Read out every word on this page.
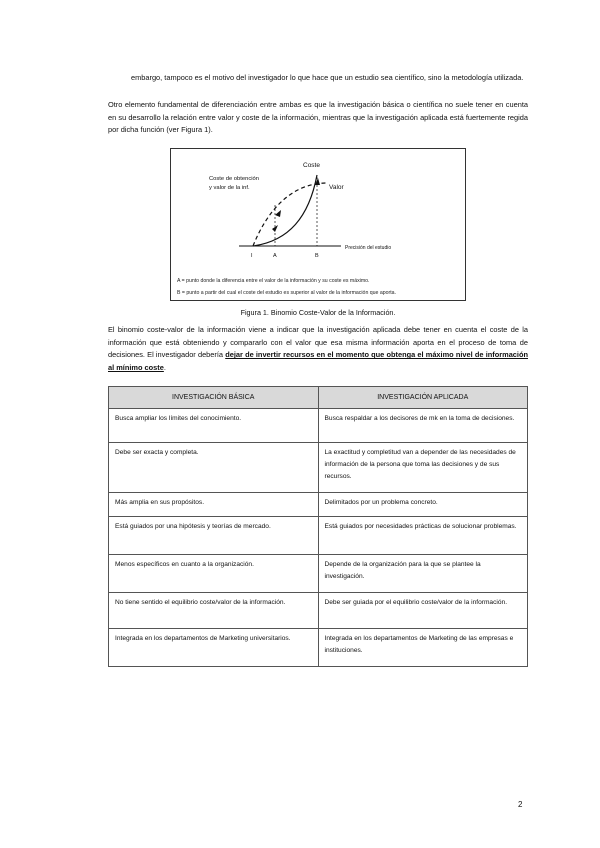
embargo, tampoco es el motivo del investigador lo que hace que un estudio sea científico, sino la metodología utilizada.

Otro elemento fundamental de diferenciación entre ambas es que la investigación básica o científica no suele tener en cuenta en su desarrollo la relación entre valor y coste de la información, mientras que la investigación aplicada está fuertemente regida por dicha función (ver Figura 1).

Coste
Coste de obtención
y valor de la inf.	Valor
Precisión del estudio
I	A	B
A = punto donde la diferencia entre el valor de la información y su coste es máximo.
B = punto a partir del cual el coste del estudio es superior al valor de la información que aporta.
Figura 1. Binomio Coste-Valor de la Información.

El binomio coste-valor de la información viene a indicar que la investigación aplicada debe tener en cuenta el coste de la información que está obteniendo y compararlo con el valor que esa misma información aporta en el proceso de toma de decisiones. El investigador debería dejar de invertir recursos en el momento que obtenga el máximo nivel de información al mínimo coste.

INVESTIGACIÓN BÁSICA	INVESTIGACIÓN APLICADA
Busca ampliar los límites del conocimiento.	Busca respaldar a los decisores de mk en la toma de decisiones.
Debe ser exacta y completa.	La exactitud y completitud van a depender de las necesidades de información de la persona que toma las decisiones y de sus recursos.
Más amplia en sus propósitos.	Delimitados por un problema concreto.
Está guiados por una hipótesis y teorías de mercado.	Está guiados por necesidades prácticas de solucionar problemas.
Menos específicos en cuanto a la organización.	Depende de la organización para la que se plantee la investigación.
No tiene sentido el equilibrio coste/valor de la información.	Debe ser guiada por el equilibrio coste/valor de la información.
Integrada en los departamentos de Marketing universitarios.	Integrada en los departamentos de Marketing de las empresas e instituciones.
2
